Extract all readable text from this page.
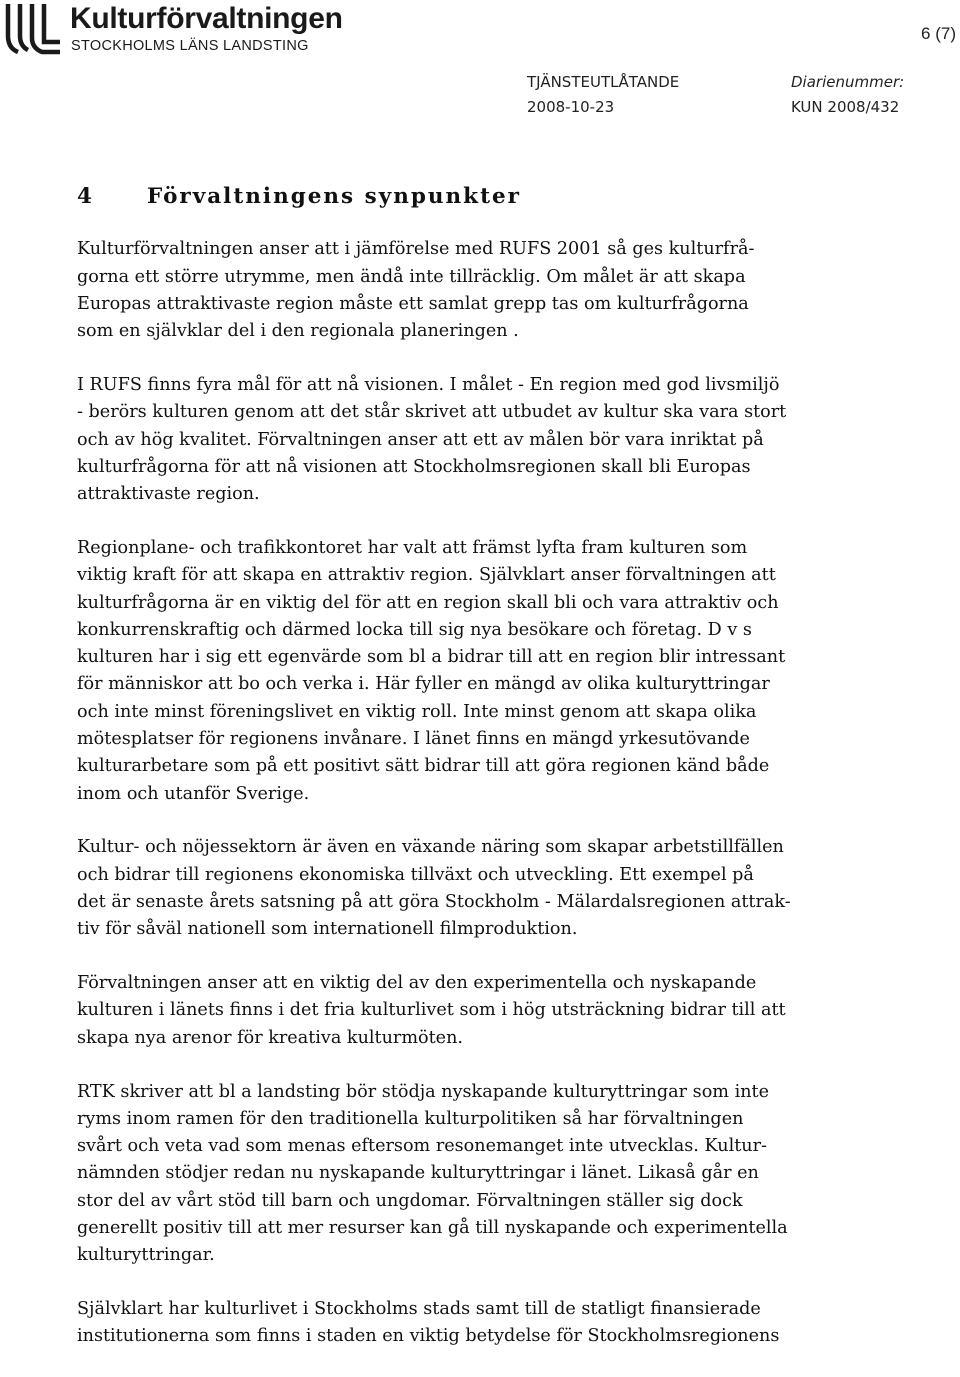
Kulturförvaltningen
STOCKHOLMS LÄNS LANDSTING
6 (7)
TJÄNSTEUTLÅTANDE
2008-10-23
Diarienummer:
KUN 2008/432
4	Förvaltningens synpunkter

Kulturförvaltningen anser att i jämförelse med RUFS 2001 så ges kulturfrå-
gorna ett större utrymme, men ändå inte tillräcklig. Om målet är att skapa
Europas attraktivaste region måste ett samlat grepp tas om kulturfrågorna
som en självklar del i den regionala planeringen .

I RUFS finns fyra mål för att nå visionen. I målet - En region med god livsmiljö
- berörs kulturen genom att det står skrivet att utbudet av kultur ska vara stort
och av hög kvalitet. Förvaltningen anser att ett av målen bör vara inriktat på
kulturfrågorna för att nå visionen att Stockholmsregionen skall bli Europas
attraktivaste region.

Regionplane- och trafikkontoret har valt att främst lyfta fram kulturen som
viktig kraft för att skapa en attraktiv region. Självklart anser förvaltningen att
kulturfrågorna är en viktig del för att en region skall bli och vara attraktiv och
konkurrenskraftig och därmed locka till sig nya besökare och företag. D v s
kulturen har i sig ett egenvärde som bl a bidrar till att en region blir intressant
för människor att bo och verka i. Här fyller en mängd av olika kulturyttringar
och inte minst föreningslivet en viktig roll. Inte minst genom att skapa olika
mötesplatser för regionens invånare. I länet finns en mängd yrkesutövande
kulturarbetare som på ett positivt sätt bidrar till att göra regionen känd både
inom och utanför Sverige.

Kultur- och nöjessektorn är även en växande näring som skapar arbetstillfällen
och bidrar till regionens ekonomiska tillväxt och utveckling. Ett exempel på
det är senaste årets satsning på att göra Stockholm - Mälardalsregionen attrak-
tiv för såväl nationell som internationell filmproduktion.

Förvaltningen anser att en viktig del av den experimentella och nyskapande
kulturen i länets finns i det fria kulturlivet som i hög utsträckning bidrar till att
skapa nya arenor för kreativa kulturmöten.

RTK skriver att bl a landsting bör stödja nyskapande kulturyttringar som inte
ryms inom ramen för den traditionella kulturpolitiken så har förvaltningen
svårt och veta vad som menas eftersom resonemanget inte utvecklas. Kultur-
nämnden stödjer redan nu nyskapande kulturyttringar i länet. Likaså går en
stor del av vårt stöd till barn och ungdomar. Förvaltningen ställer sig dock
generellt positiv till att mer resurser kan gå till nyskapande och experimentella
kulturyttringar.

Självklart har kulturlivet i Stockholms stads samt till de statligt finansierade
institutionerna som finns i staden en viktig betydelse för Stockholmsregionens
